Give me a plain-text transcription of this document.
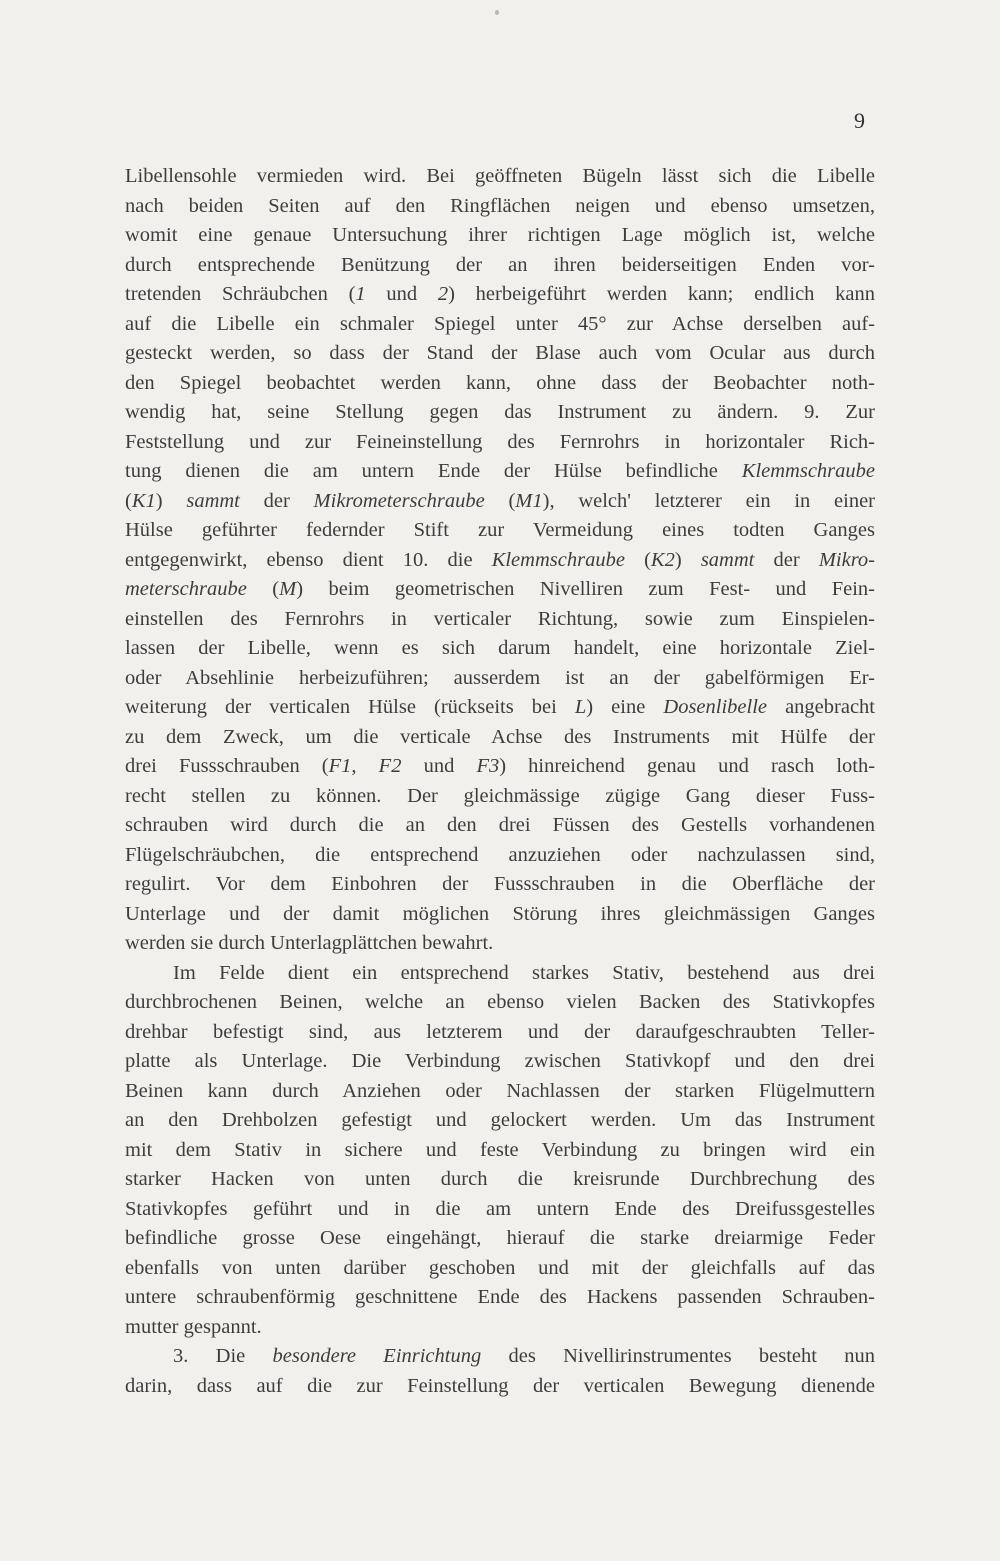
9
Libellensohle vermieden wird. Bei geöffneten Bügeln lässt sich die Libelle
nach beiden Seiten auf den Ringflächen neigen und ebenso umsetzen,
womit eine genaue Untersuchung ihrer richtigen Lage möglich ist, welche
durch entsprechende Benützung der an ihren beiderseitigen Enden vor-
tretenden Schräubchen (1 und 2) herbeigeführt werden kann; endlich kann
auf die Libelle ein schmaler Spiegel unter 45° zur Achse derselben auf-
gesteckt werden, so dass der Stand der Blase auch vom Ocular aus durch
den Spiegel beobachtet werden kann, ohne dass der Beobachter noth-
wendig hat, seine Stellung gegen das Instrument zu ändern. 9. Zur
Feststellung und zur Feineinstellung des Fernrohrs in horizontaler Rich-
tung dienen die am untern Ende der Hülse befindliche Klemmschraube
(K1) sammt der Mikrometerschraube (M1), welch' letzterer ein in einer
Hülse geführter federnder Stift zur Vermeidung eines todten Ganges
entgegenwirkt, ebenso dient 10. die Klemmschraube (K2) sammt der Mikro-
meterschraube (M) beim geometrischen Nivelliren zum Fest- und Fein-
einstellen des Fernrohrs in verticaler Richtung, sowie zum Einspielen-
lassen der Libelle, wenn es sich darum handelt, eine horizontale Ziel-
oder Absehlinie herbeizuführen; ausserdem ist an der gabelförmigen Er-
weiterung der verticalen Hülse (rückseits bei L) eine Dosenlibelle angebracht
zu dem Zweck, um die verticale Achse des Instruments mit Hülfe der
drei Fussschrauben (F1, F2 und F3) hinreichend genau und rasch loth-
recht stellen zu können. Der gleichmässige zügige Gang dieser Fuss-
schrauben wird durch die an den drei Füssen des Gestells vorhandenen
Flügelschräubchen, die entsprechend anzuziehen oder nachzulassen sind,
regulirt. Vor dem Einbohren der Fussschrauben in die Oberfläche der
Unterlage und der damit möglichen Störung ihres gleichmässigen Ganges
werden sie durch Unterlagplättchen bewahrt.
Im Felde dient ein entsprechend starkes Stativ, bestehend aus drei
durchbrochenen Beinen, welche an ebenso vielen Backen des Stativkopfes
drehbar befestigt sind, aus letzterem und der daraufgeschraubten Teller-
platte als Unterlage. Die Verbindung zwischen Stativkopf und den drei
Beinen kann durch Anziehen oder Nachlassen der starken Flügelmuttern
an den Drehbolzen gefestigt und gelockert werden. Um das Instrument
mit dem Stativ in sichere und feste Verbindung zu bringen wird ein
starker Hacken von unten durch die kreisrunde Durchbrechung des
Stativkopfes geführt und in die am untern Ende des Dreifussgestelles
befindliche grosse Oese eingehängt, hierauf die starke dreiarmige Feder
ebenfalls von unten darüber geschoben und mit der gleichfalls auf das
untere schraubenförmig geschnittene Ende des Hackens passenden Schrauben-
mutter gespannt.
3. Die besondere Einrichtung des Nivellirinstrumentes besteht nun
darin, dass auf die zur Feinstellung der verticalen Bewegung dienende
